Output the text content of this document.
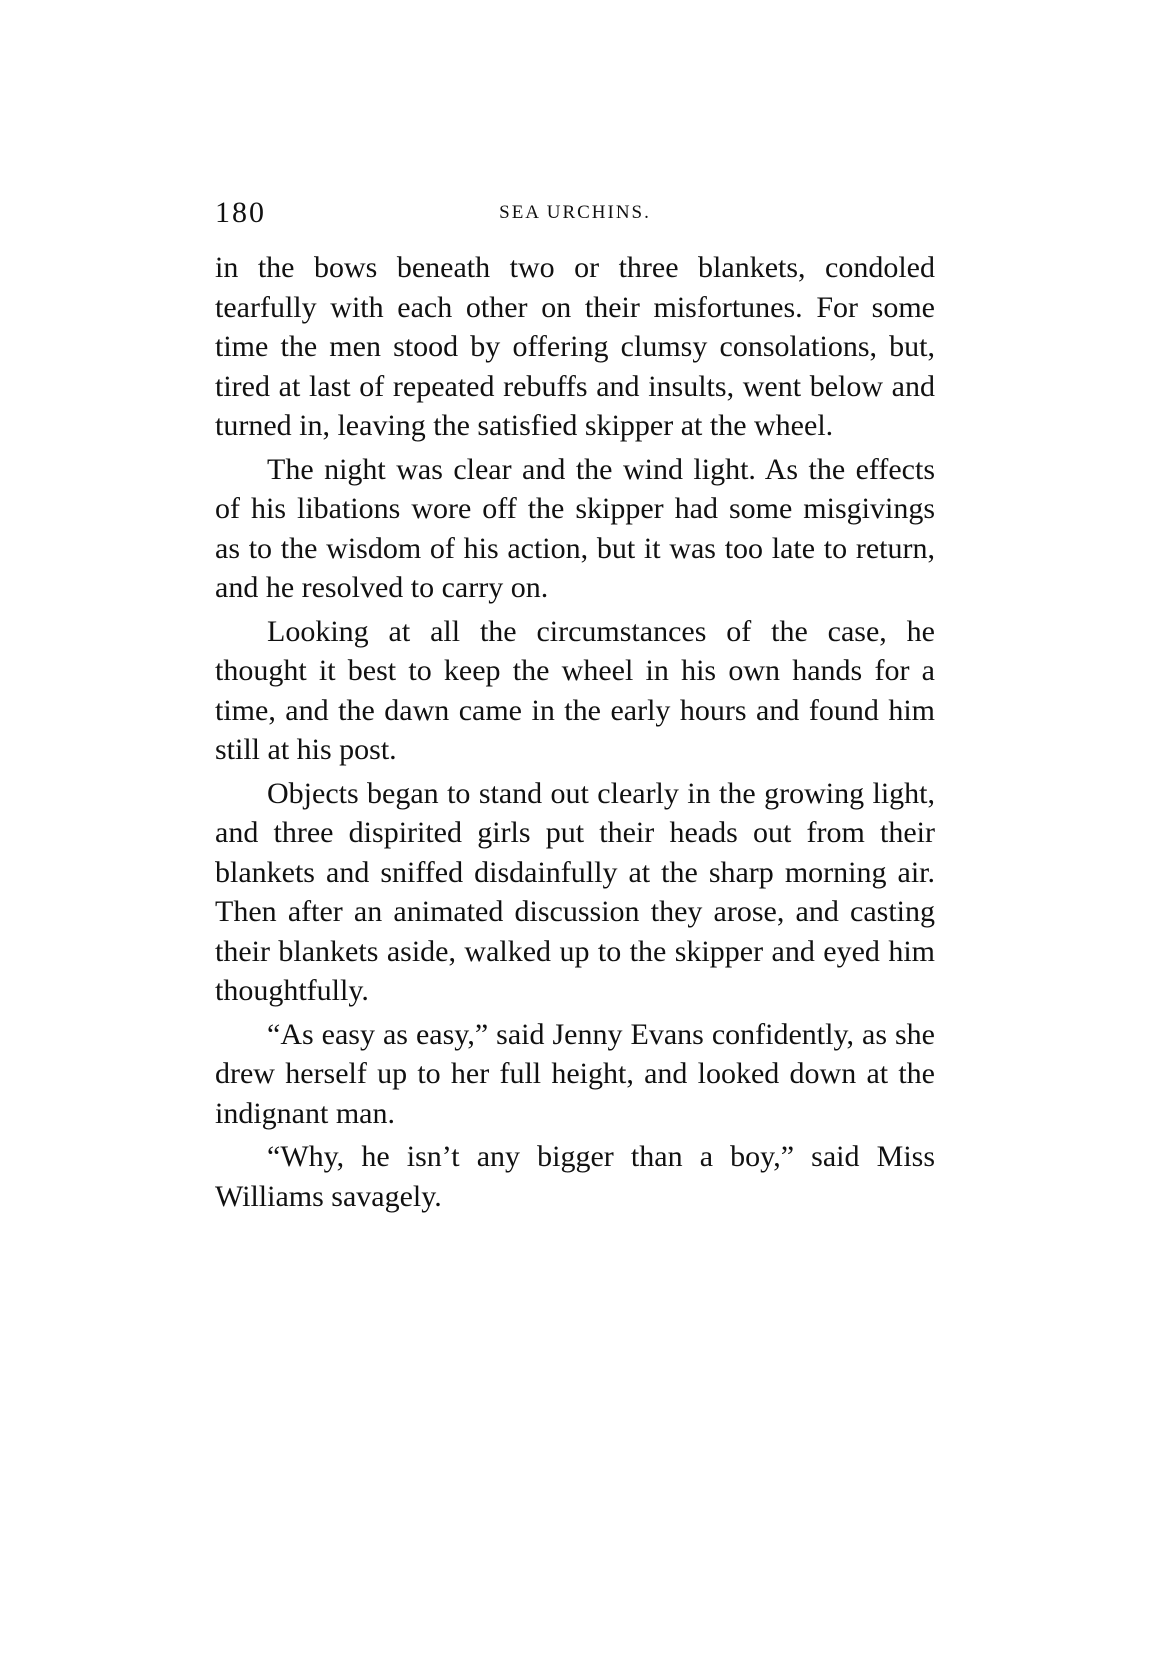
180	SEA URCHINS.

in the bows beneath two or three blankets, condoled tearfully with each other on their misfortunes. For some time the men stood by offering clumsy consolations, but, tired at last of repeated rebuffs and insults, went below and turned in, leaving the satisfied skipper at the wheel.

The night was clear and the wind light. As the effects of his libations wore off the skipper had some misgivings as to the wisdom of his action, but it was too late to return, and he resolved to carry on.

Looking at all the circumstances of the case, he thought it best to keep the wheel in his own hands for a time, and the dawn came in the early hours and found him still at his post.

Objects began to stand out clearly in the growing light, and three dispirited girls put their heads out from their blankets and sniffed disdainfully at the sharp morning air. Then after an animated discussion they arose, and casting their blankets aside, walked up to the skipper and eyed him thoughtfully.

“As easy as easy,” said Jenny Evans confidently, as she drew herself up to her full height, and looked down at the indignant man.

“Why, he isn’t any bigger than a boy,” said Miss Williams savagely.
